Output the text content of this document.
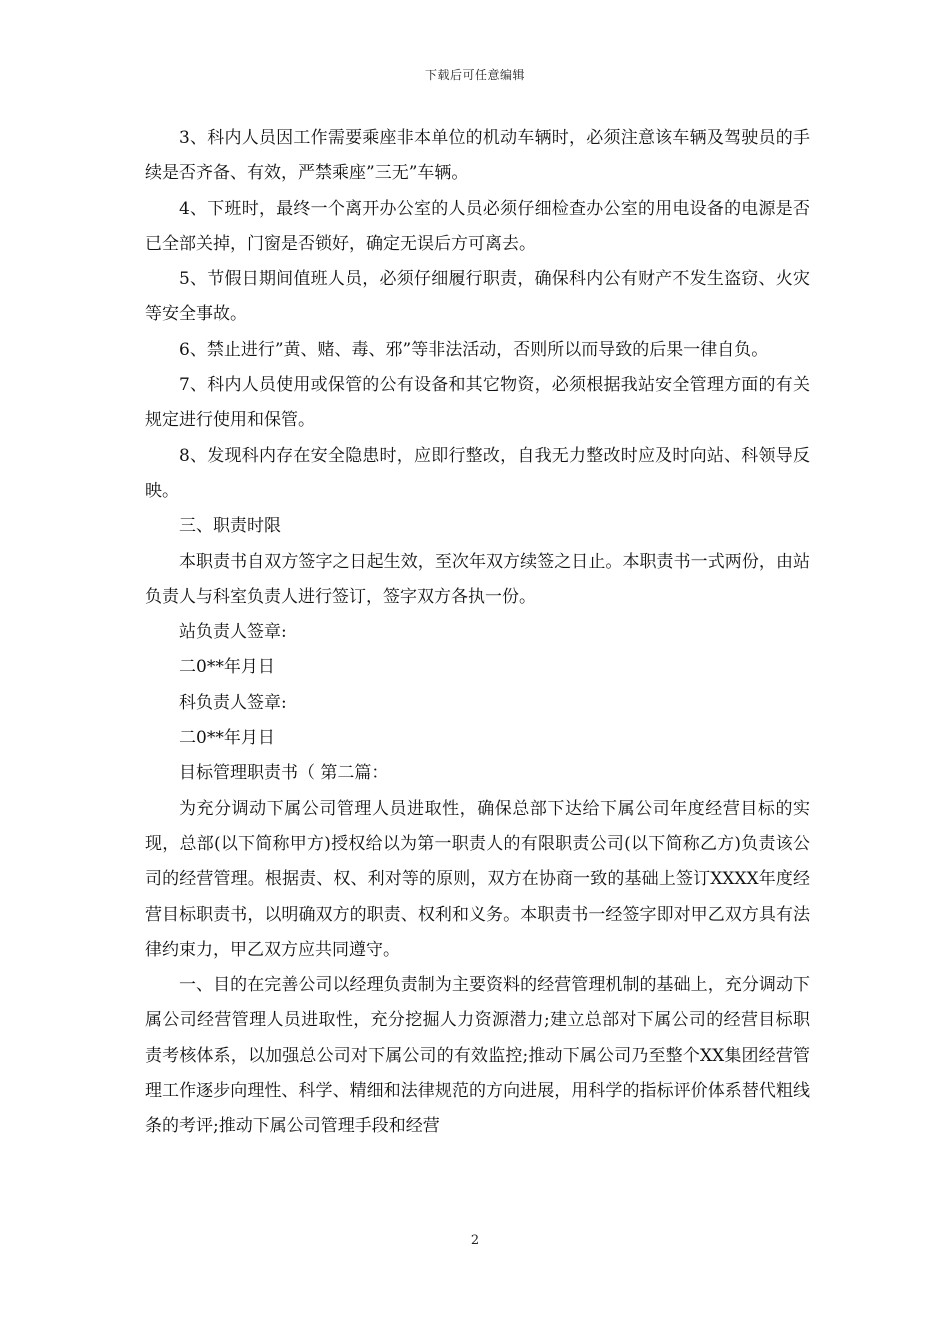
下载后可任意编辑

3、科内人员因工作需要乘座非本单位的机动车辆时，必须注意该车辆及驾驶员的手续是否齐备、有效，严禁乘座”三无”车辆。

4、下班时，最终一个离开办公室的人员必须仔细检查办公室的用电设备的电源是否已全部关掉，门窗是否锁好，确定无误后方可离去。

5、节假日期间值班人员，必须仔细履行职责，确保科内公有财产不发生盗窃、火灾等安全事故。

6、禁止进行”黄、赌、毒、邪”等非法活动，否则所以而导致的后果一律自负。

7、科内人员使用或保管的公有设备和其它物资，必须根据我站安全管理方面的有关规定进行使用和保管。

8、发现科内存在安全隐患时，应即行整改，自我无力整改时应及时向站、科领导反映。

三、职责时限

本职责书自双方签字之日起生效，至次年双方续签之日止。本职责书一式两份，由站负责人与科室负责人进行签订，签字双方各执一份。

站负责人签章:

二0**年月日

科负责人签章:

二0**年月日

目标管理职责书（ 第二篇：

为充分调动下属公司管理人员进取性，确保总部下达给下属公司年度经营目标的实现，总部(以下简称甲方)授权给以为第一职责人的有限职责公司(以下简称乙方)负责该公司的经营管理。根据责、权、利对等的原则，双方在协商一致的基础上签订XXXX年度经营目标职责书，以明确双方的职责、权利和义务。本职责书一经签字即对甲乙双方具有法律约束力，甲乙双方应共同遵守。

一、目的在完善公司以经理负责制为主要资料的经营管理机制的基础上，充分调动下属公司经营管理人员进取性，充分挖掘人力资源潜力;建立总部对下属公司的经营目标职责考核体系，以加强总公司对下属公司的有效监控;推动下属公司乃至整个XX集团经营管理工作逐步向理性、科学、精细和法律规范的方向进展，用科学的指标评价体系替代粗线条的考评;推动下属公司管理手段和经营

2
